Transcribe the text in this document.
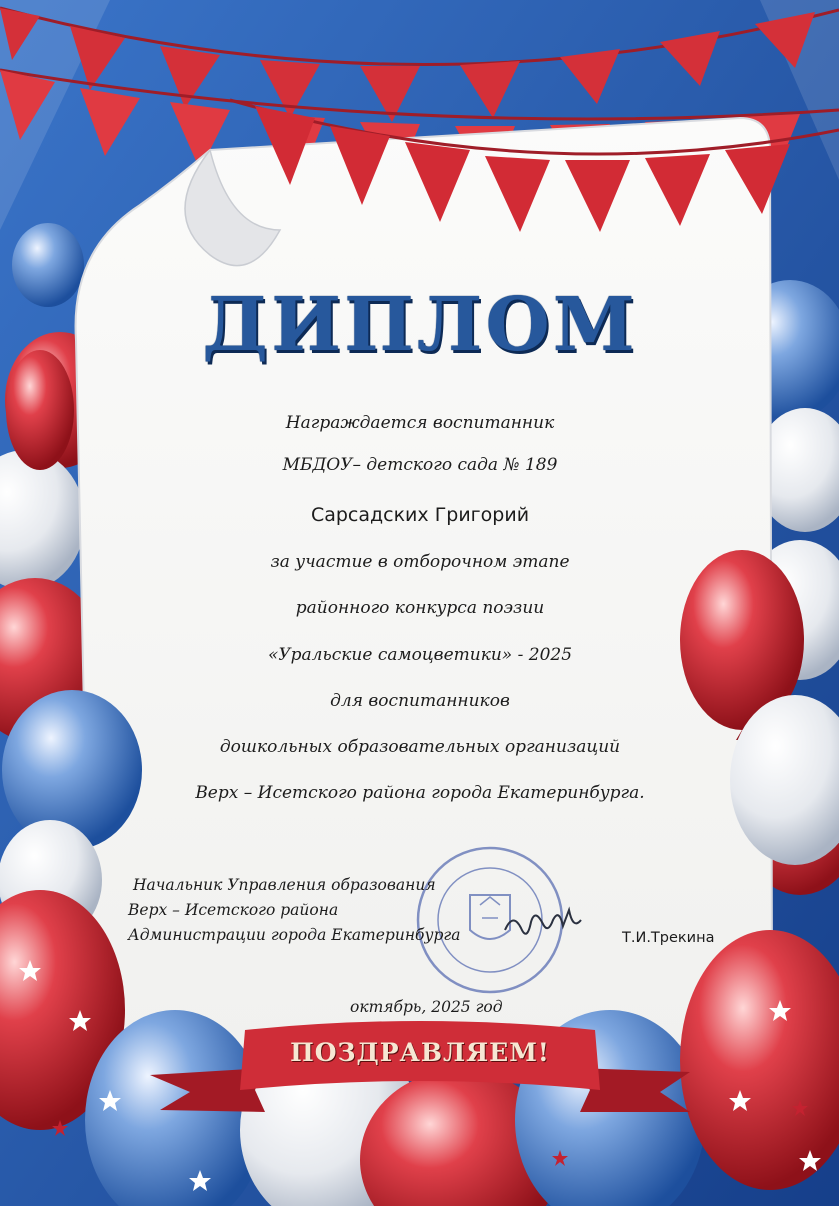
ДИПЛОМ
Награждается воспитанник
МБДОУ– детского сада № 189
Сарсадских Григорий
за участие в отборочном этапе
районного конкурса поэзии
«Уральские самоцветики» - 2025
для воспитанников
дошкольных образовательных организаций
Верх – Исетского района города Екатеринбурга.
Начальник Управления образования
Верх – Исетского района
Администрации города Екатеринбурга	Т.И.Трекина
октябрь, 2025 год
ПОЗДРАВЛЯЕМ!
